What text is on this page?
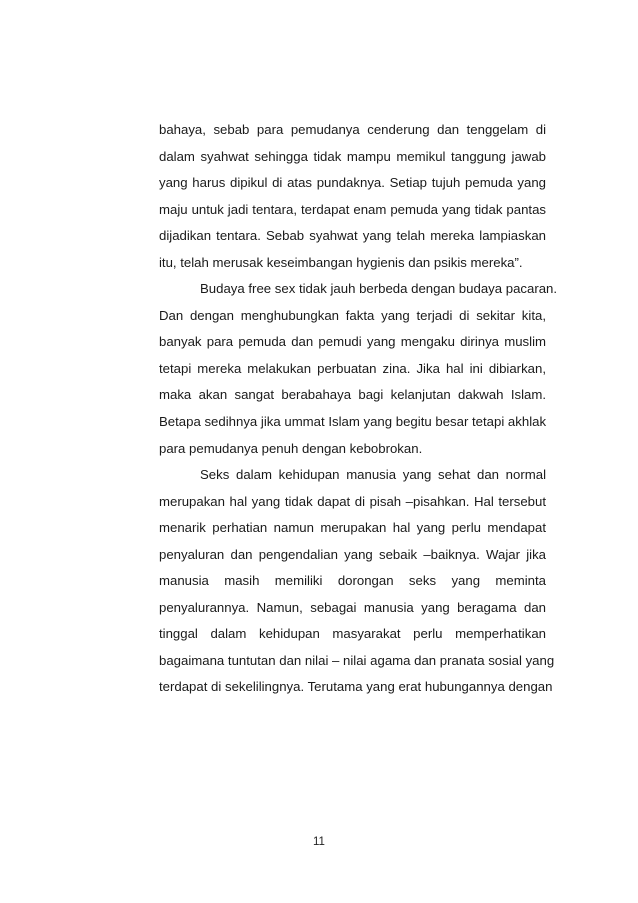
bahaya, sebab para pemudanya cenderung dan tenggelam di
dalam syahwat sehingga tidak mampu memikul tanggung jawab
yang harus dipikul di atas pundaknya. Setiap tujuh pemuda yang
maju untuk jadi tentara, terdapat enam pemuda yang tidak pantas
dijadikan tentara. Sebab syahwat yang telah mereka lampiaskan
itu, telah merusak keseimbangan hygienis dan psikis mereka”.
Budaya free sex tidak jauh berbeda dengan budaya pacaran.
Dan dengan menghubungkan fakta yang terjadi di sekitar kita,
banyak para pemuda dan pemudi yang mengaku dirinya muslim
tetapi mereka melakukan perbuatan zina. Jika hal ini dibiarkan,
maka akan sangat berabahaya bagi kelanjutan dakwah Islam.
Betapa sedihnya jika ummat Islam yang begitu besar tetapi akhlak
para pemudanya penuh dengan kebobrokan.
Seks dalam kehidupan manusia yang sehat dan normal
merupakan hal yang tidak dapat di pisah –pisahkan. Hal tersebut
menarik perhatian namun merupakan hal yang perlu mendapat
penyaluran dan pengendalian yang sebaik –baiknya. Wajar jika
manusia masih memiliki dorongan seks yang meminta
penyalurannya. Namun, sebagai manusia yang beragama dan
tinggal dalam kehidupan masyarakat perlu memperhatikan
bagaimana tuntutan dan nilai – nilai agama dan pranata sosial yang
terdapat di sekelilingnya. Terutama yang erat hubungannya dengan
11
